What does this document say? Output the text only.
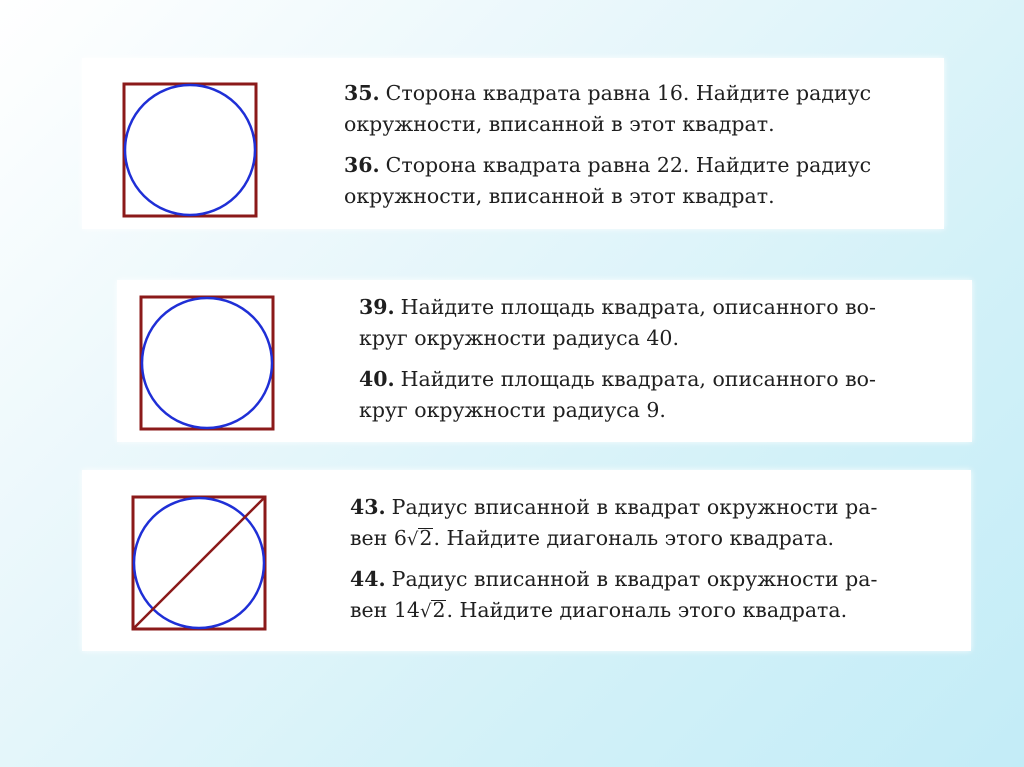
35. Сторона квадрата равна 16. Найдите радиус
окружности, вписанной в этот квадрат.

36. Сторона квадрата равна 22. Найдите радиус
окружности, вписанной в этот квадрат.

39. Найдите площадь квадрата, описанного во-
круг окружности радиуса 40.

40. Найдите площадь квадрата, описанного во-
круг окружности радиуса 9.

43. Радиус вписанной в квадрат окружности ра-
вен 6√2. Найдите диагональ этого квадрата.

44. Радиус вписанной в квадрат окружности ра-
вен 14√2. Найдите диагональ этого квадрата.
